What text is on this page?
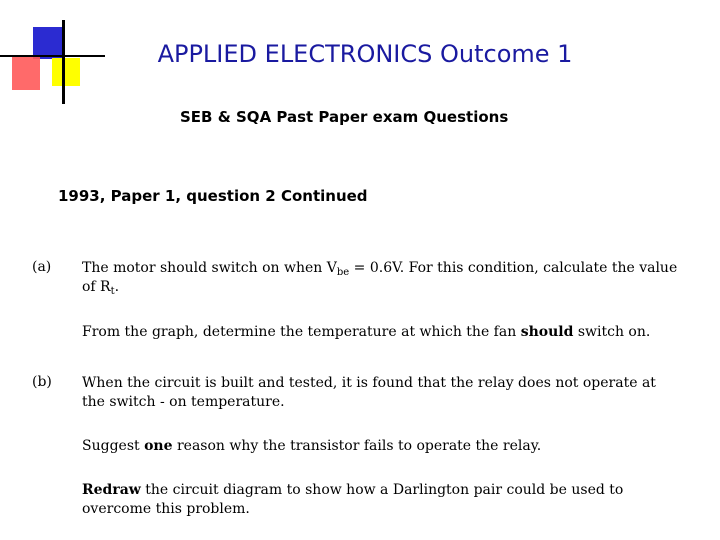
APPLIED ELECTRONICS Outcome 1
SEB & SQA Past Paper exam Questions
1993, Paper 1, question 2 Continued
(a) The motor should switch on when $V_{be} = 0.6V$. For this condition, calculate the value of $R_t$.
From the graph, determine the temperature at which the fan should switch on.
(b) When the circuit is built and tested, it is found that the relay does not operate at the switch - on temperature.
Suggest one reason why the transistor fails to operate the relay.
Redraw the circuit diagram to show how a Darlington pair could be used to overcome this problem.
